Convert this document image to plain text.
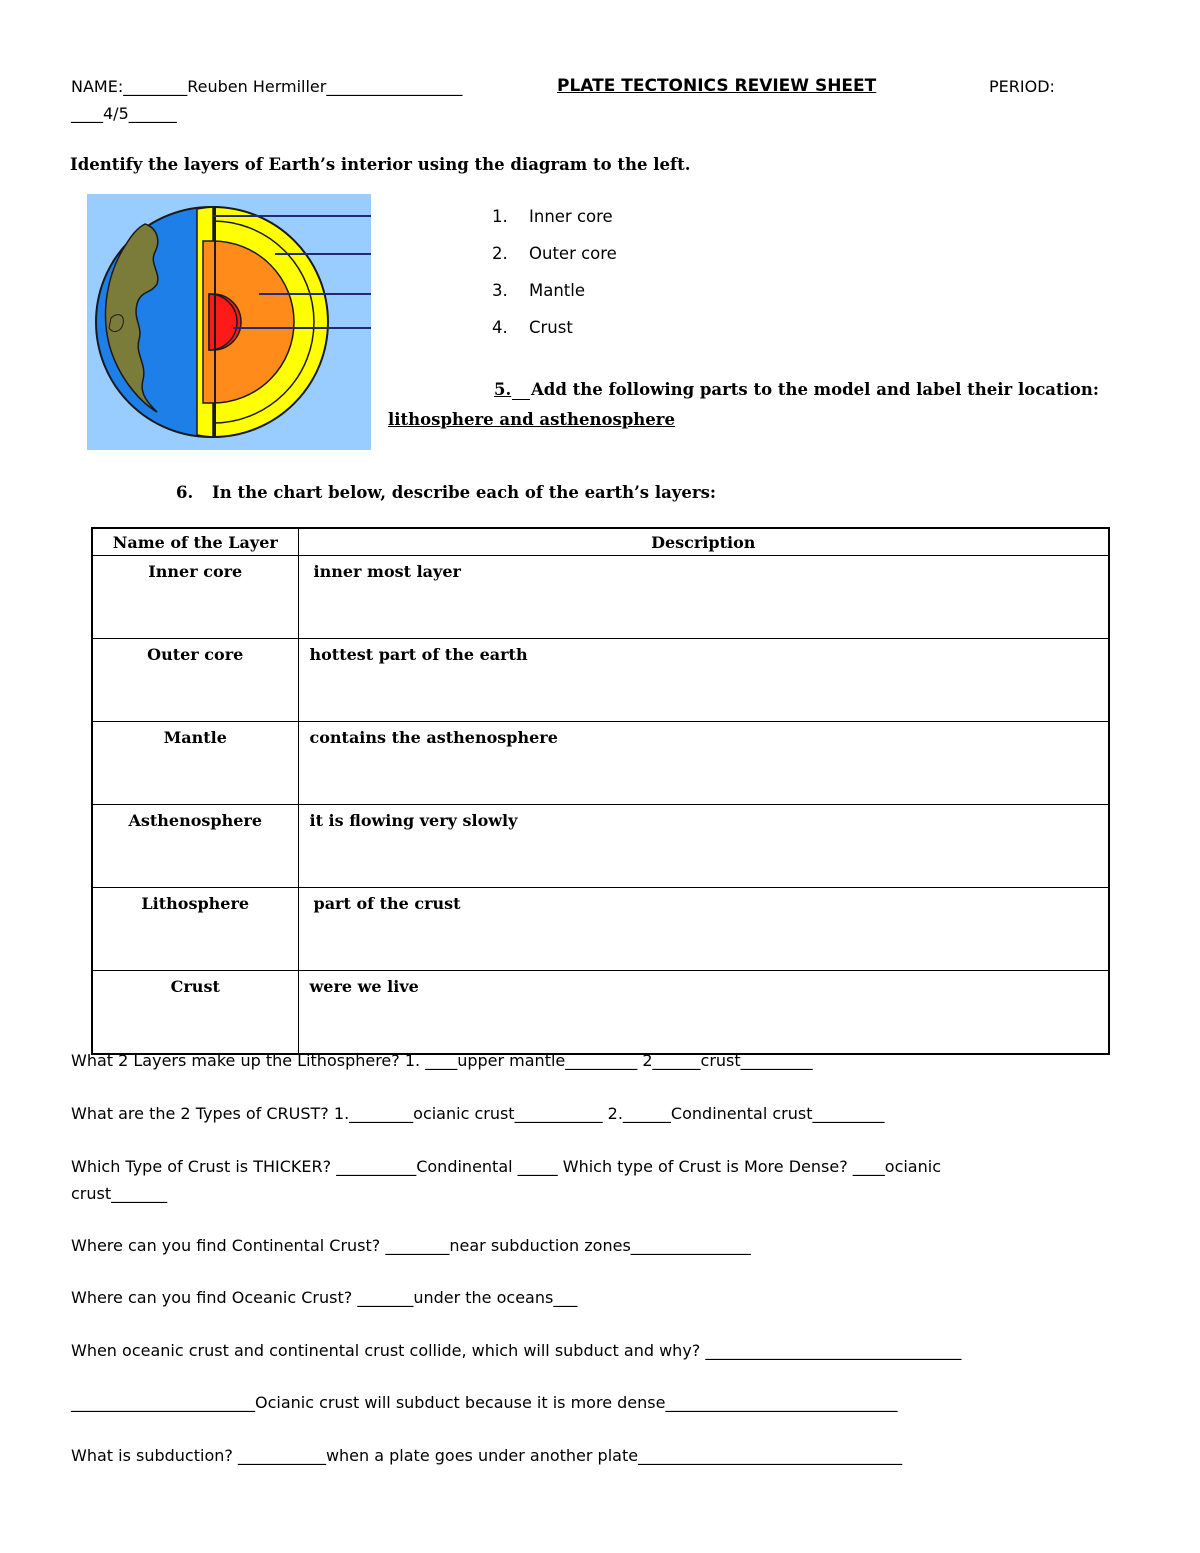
NAME:________Reuben Hermiller_________________	PLATE TECTONICS REVIEW SHEET	PERIOD:
____4/5______
Identify the layers of Earth’s interior using the diagram to the left.
1. Inner core
2. Outer core
3. Mantle
4. Crust
5. Add the following parts to the model and label their location:
lithosphere and asthenosphere
6. In the chart below, describe each of the earth’s layers:
Name of the Layer	Description
Inner core	inner most layer
Outer core	hottest part of the earth
Mantle	contains the asthenosphere
Asthenosphere	it is flowing very slowly
Lithosphere	part of the crust
Crust	were we live
What 2 Layers make up the Lithosphere? 1. ____upper mantle_________ 2______crust_________
What are the 2 Types of CRUST? 1.________ocianic crust___________ 2.______Condinental crust_________
Which Type of Crust is THICKER? __________Condinental _____ Which type of Crust is More Dense? ____ocianic
crust_______
Where can you find Continental Crust? ________near subduction zones_______________
Where can you find Oceanic Crust? _______under the oceans___
When oceanic crust and continental crust collide, which will subduct and why? ________________________________
_______________________Ocianic crust will subduct because it is more dense_____________________________
What is subduction? ___________when a plate goes under another plate_________________________________
